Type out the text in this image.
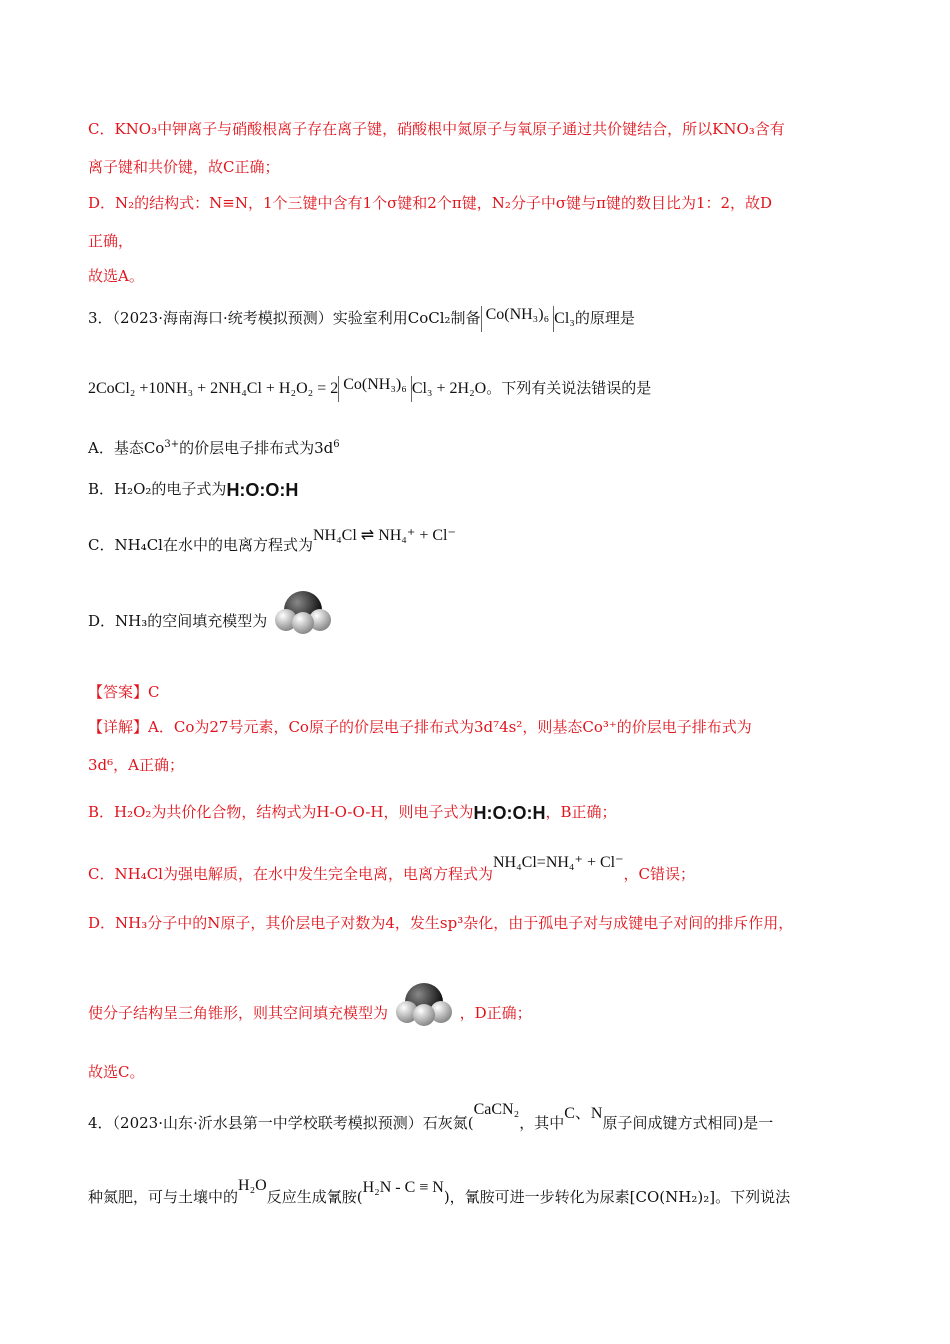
C．KNO₃中钾离子与硝酸根离子存在离子键，硝酸根中氮原子与氧原子通过共价键结合，所以KNO₃含有
离子键和共价键，故C正确；
D．N₂的结构式：N≡N，1个三键中含有1个σ键和2个π键，N₂分子中σ键与π键的数目比为1：2，故D
正确，
故选A。
3．（2023·海南海口·统考模拟预测）实验室利用CoCl₂制备 Co(NH₃)₆ Cl₃的原理是
2CoCl₂ +10NH₃ + 2NH₄Cl + H₂O₂ = 2 Co(NH₃)₆ Cl₃ + 2H₂O。下列有关说法错误的是
A．基态$Co^{3+}$的价层电子排布式为$3d^6$
B．H₂O₂的电子式为H:O:O:H
C．NH₄Cl在水中的电离方程式为NH₄Cl ⇌ NH₄⁺ + Cl⁻
D．NH₃的空间填充模型为
【答案】C
【详解】A．Co为27号元素，Co原子的价层电子排布式为3d⁷4s²，则基态Co³⁺的价层电子排布式为
3d⁶，A正确；
B．H₂O₂为共价化合物，结构式为H-O-O-H，则电子式为H:O:O:H，B正确；
C．NH₄Cl为强电解质，在水中发生完全电离，电离方程式为NH₄Cl=NH₄⁺ + Cl⁻，C错误；
D．NH₃分子中的N原子，其价层电子对数为4，发生sp³杂化，由于孤电子对与成键电子对间的排斥作用，
使分子结构呈三角锥形，则其空间填充模型为	，D正确；
故选C。
4．（2023·山东·沂水县第一中学校联考模拟预测）石灰氮(CaCN₂，其中C、N原子间成键方式相同)是一
种氮肥，可与土壤中的H₂O反应生成氰胺(H₂N - C ≡ N)，氰胺可进一步转化为尿素[CO(NH₂)₂]。下列说法
